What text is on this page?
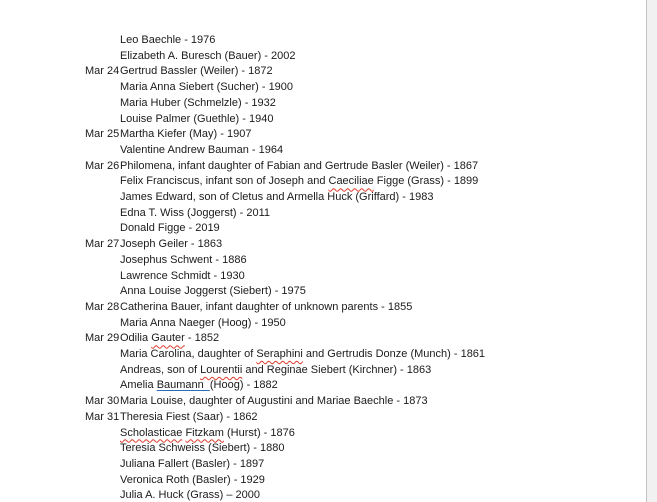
Leo Baechle - 1976
Elizabeth A. Buresch (Bauer) - 2002
Mar 24Gertrud Bassler (Weiler) - 1872
Maria Anna Siebert (Sucher) - 1900
Maria Huber (Schmelzle) - 1932
Louise Palmer (Guethle) - 1940
Mar 25Martha Kiefer (May) - 1907
Valentine Andrew Bauman - 1964
Mar 26Philomena, infant daughter of Fabian and Gertrude Basler (Weiler) - 1867
Felix Franciscus, infant son of Joseph and Caeciliae Figge (Grass) - 1899
James Edward, son of Cletus and Armella Huck (Griffard) - 1983
Edna T. Wiss (Joggerst) - 2011
Donald Figge - 2019
Mar 27Joseph Geiler - 1863
Josephus Schwent - 1886
Lawrence Schmidt - 1930
Anna Louise Joggerst (Siebert) - 1975
Mar 28Catherina Bauer, infant daughter of unknown parents - 1855
Maria Anna Naeger (Hoog) - 1950
Mar 29Odilia Gauter - 1852
Maria Carolina, daughter of Seraphini and Gertrudis Donze (Munch) - 1861
Andreas, son of Lourentii and Reginae Siebert (Kirchner) - 1863
Amelia Baumann  (Hoog) - 1882
Mar 30Maria Louise, daughter of Augustini and Mariae Baechle - 1873
Mar 31Theresia Fiest (Saar) - 1862
Scholasticae Fitzkam (Hurst) - 1876
Teresia Schweiss (Siebert) - 1880
Juliana Fallert (Basler) - 1897
Veronica Roth (Basler) - 1929
Julia A. Huck (Grass) – 2000
